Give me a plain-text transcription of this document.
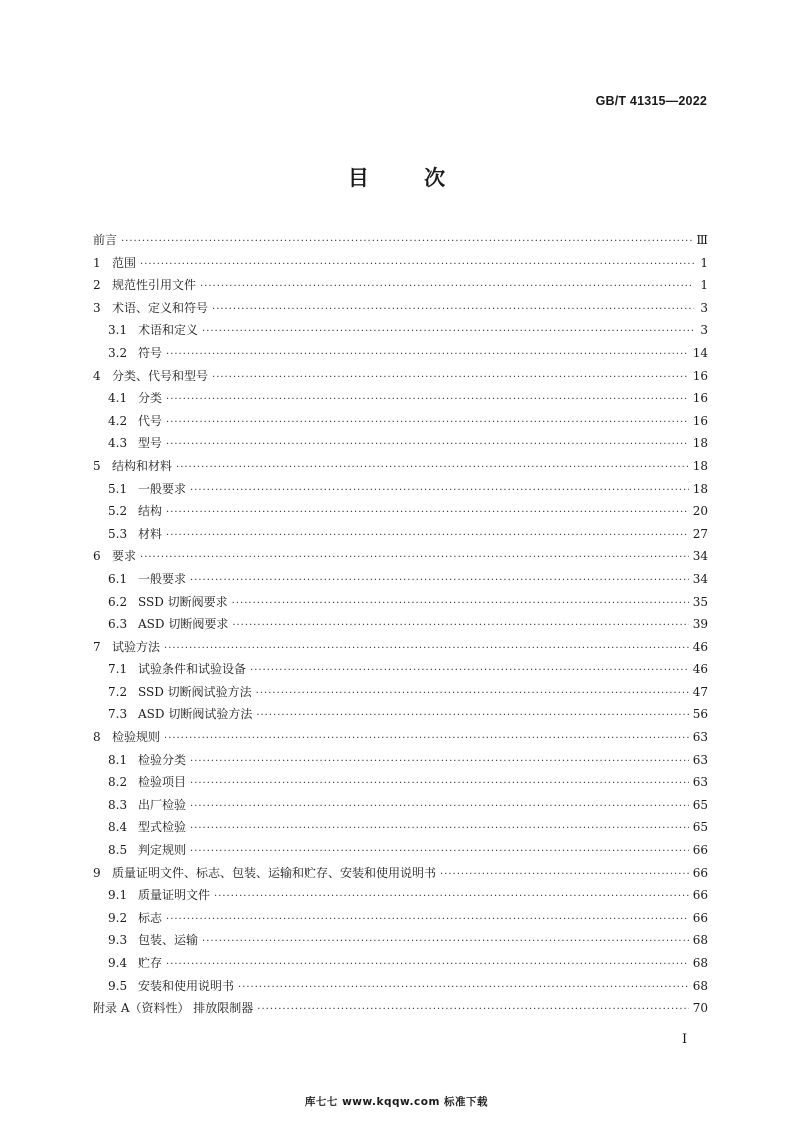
GB/T 41315—2022
目	次
前言 ·····	Ⅲ
1 范围 ·····	1
2 规范性引用文件 ·····	1
3 术语、定义和符号 ·····	3
3.1 术语和定义 ·····	3
3.2 符号 ·····	14
4 分类、代号和型号 ·····	16
4.1 分类 ·····	16
4.2 代号 ·····	16
4.3 型号 ·····	18
5 结构和材料 ·····	18
5.1 一般要求 ·····	18
5.2 结构 ·····	20
5.3 材料 ·····	27
6 要求 ·····	34
6.1 一般要求 ·····	34
6.2 SSD 切断阀要求 ·····	35
6.3 ASD 切断阀要求 ·····	39
7 试验方法 ·····	46
7.1 试验条件和试验设备 ·····	46
7.2 SSD 切断阀试验方法 ·····	47
7.3 ASD 切断阀试验方法 ·····	56
8 检验规则 ·····	63
8.1 检验分类 ·····	63
8.2 检验项目 ·····	63
8.3 出厂检验 ·····	65
8.4 型式检验 ·····	65
8.5 判定规则 ·····	66
9 质量证明文件、标志、包装、运输和贮存、安装和使用说明书 ·····	66
9.1 质量证明文件 ·····	66
9.2 标志 ·····	66
9.3 包装、运输 ·····	68
9.4 贮存 ·····	68
9.5 安装和使用说明书 ·····	68
附录 A（资料性） 排放限制器 ·····	70
I
库七七 www.kqqw.com 标准下载
